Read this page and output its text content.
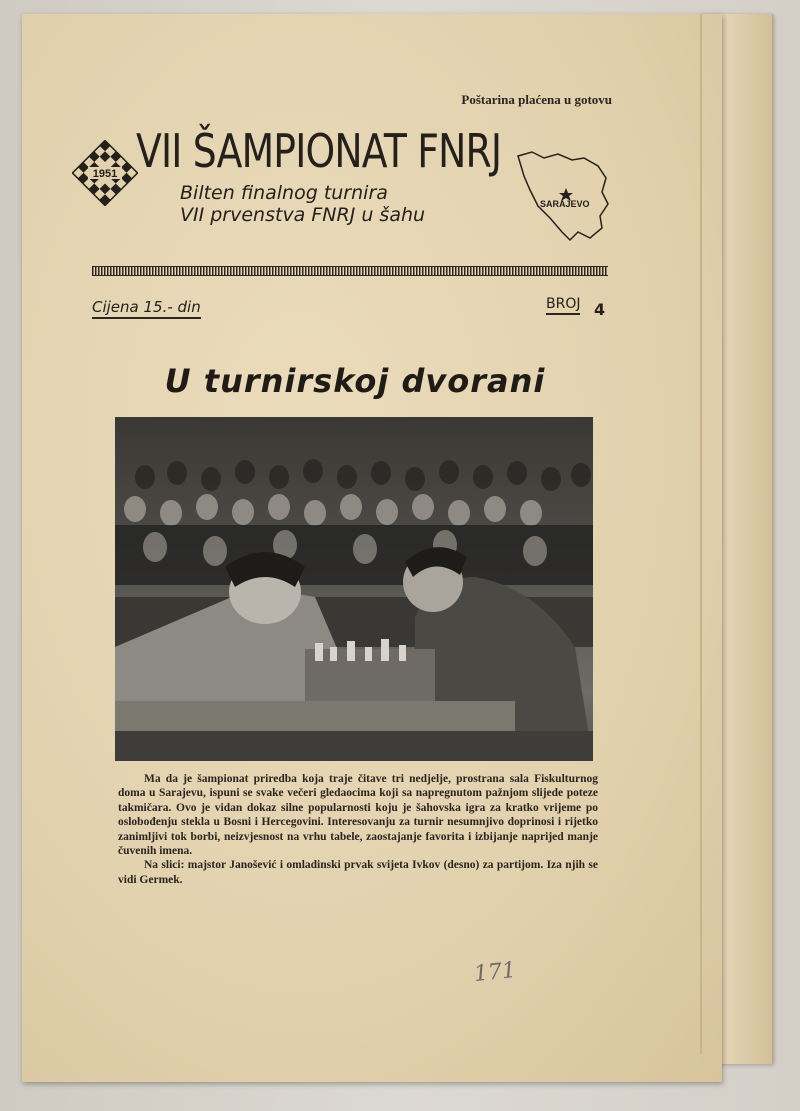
Poštarina plaćena u gotovu
1951 VII ŠAMPIONAT FNRJ
Bilten finalnog turnira
VII prvenstva FNRJ u šahu	SARAJEVO
Cijena 15.- din	BROJ 4
U turnirskoj dvorani

Ma da je šampionat priredba koja traje čitave tri nedjelje, prostrana sala Fiskulturnog doma u Sarajevu, ispuni se svake večeri gledaocima koji sa napregnutom pažnjom slijede poteze takmičara. Ovo je vidan dokaz silne popularnosti koju je šahovska igra za kratko vrijeme po oslobođenju stekla u Bosni i Hercegovini. Interesovanju za turnir nesumnjivo doprinosi i rijetko zanimljivi tok borbi, neizvjesnost na vrhu tabele, zaostajanje favorita i izbijanje naprijed manje čuvenih imena.

Na slici: majstor Janošević i omladinski prvak svijeta Ivkov (desno) za partijom. Iza njih se vidi Germek.

171
